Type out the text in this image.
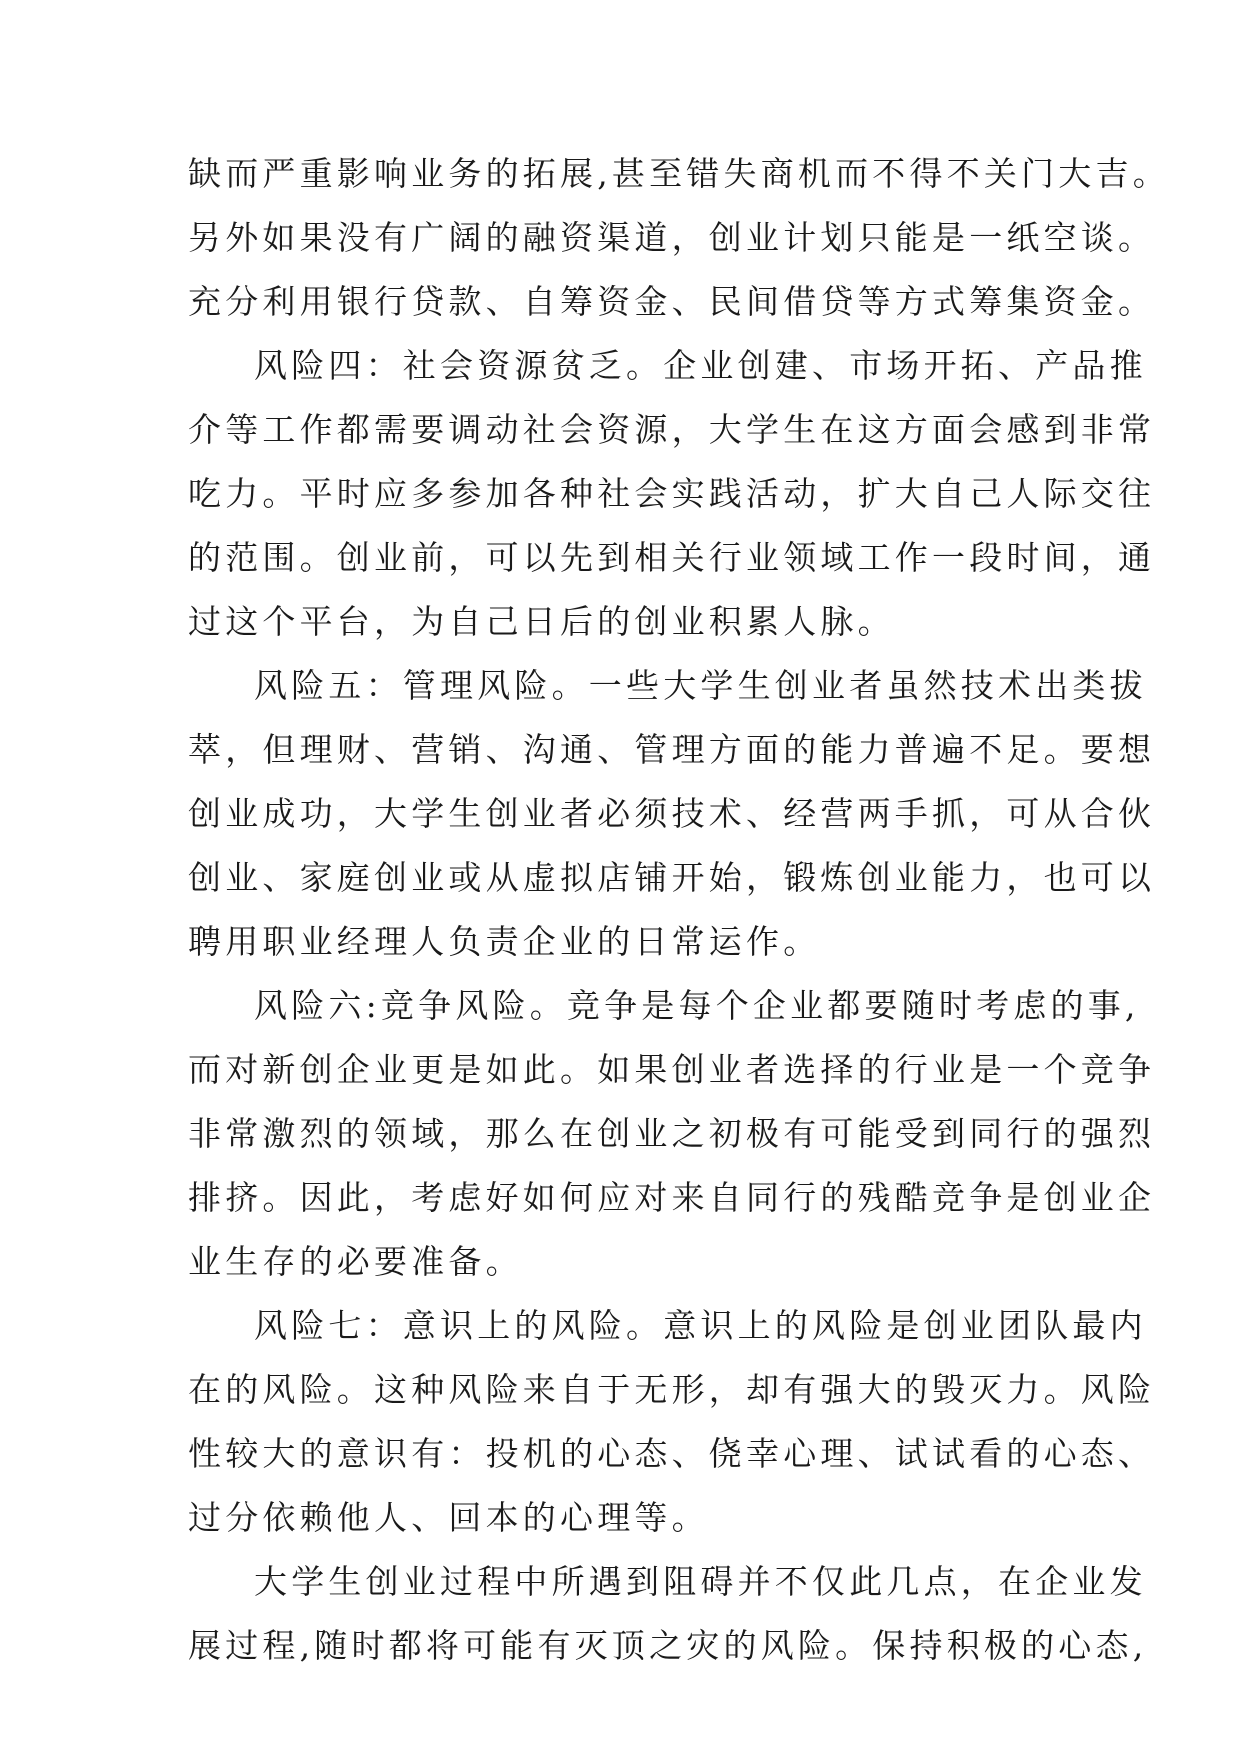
缺而严重影响业务的拓展,甚至错失商机而不得不关门大吉。
另外如果没有广阔的融资渠道，创业计划只能是一纸空谈。
充分利用银行贷款、自筹资金、民间借贷等方式筹集资金。
风险四：社会资源贫乏。企业创建、市场开拓、产品推
介等工作都需要调动社会资源，大学生在这方面会感到非常
吃力。平时应多参加各种社会实践活动，扩大自己人际交往
的范围。创业前，可以先到相关行业领域工作一段时间，通
过这个平台，为自己日后的创业积累人脉。
风险五：管理风险。一些大学生创业者虽然技术出类拔
萃，但理财、营销、沟通、管理方面的能力普遍不足。要想
创业成功，大学生创业者必须技术、经营两手抓，可从合伙
创业、家庭创业或从虚拟店铺开始，锻炼创业能力，也可以
聘用职业经理人负责企业的日常运作。
风险六:竞争风险。竞争是每个企业都要随时考虑的事,
而对新创企业更是如此。如果创业者选择的行业是一个竞争
非常激烈的领域，那么在创业之初极有可能受到同行的强烈
排挤。因此，考虑好如何应对来自同行的残酷竞争是创业企
业生存的必要准备。
风险七：意识上的风险。意识上的风险是创业团队最内
在的风险。这种风险来自于无形，却有强大的毁灭力。风险
性较大的意识有：投机的心态、侥幸心理、试试看的心态、
过分依赖他人、回本的心理等。
大学生创业过程中所遇到阻碍并不仅此几点，在企业发
展过程,随时都将可能有灭顶之灾的风险。保持积极的心态,
